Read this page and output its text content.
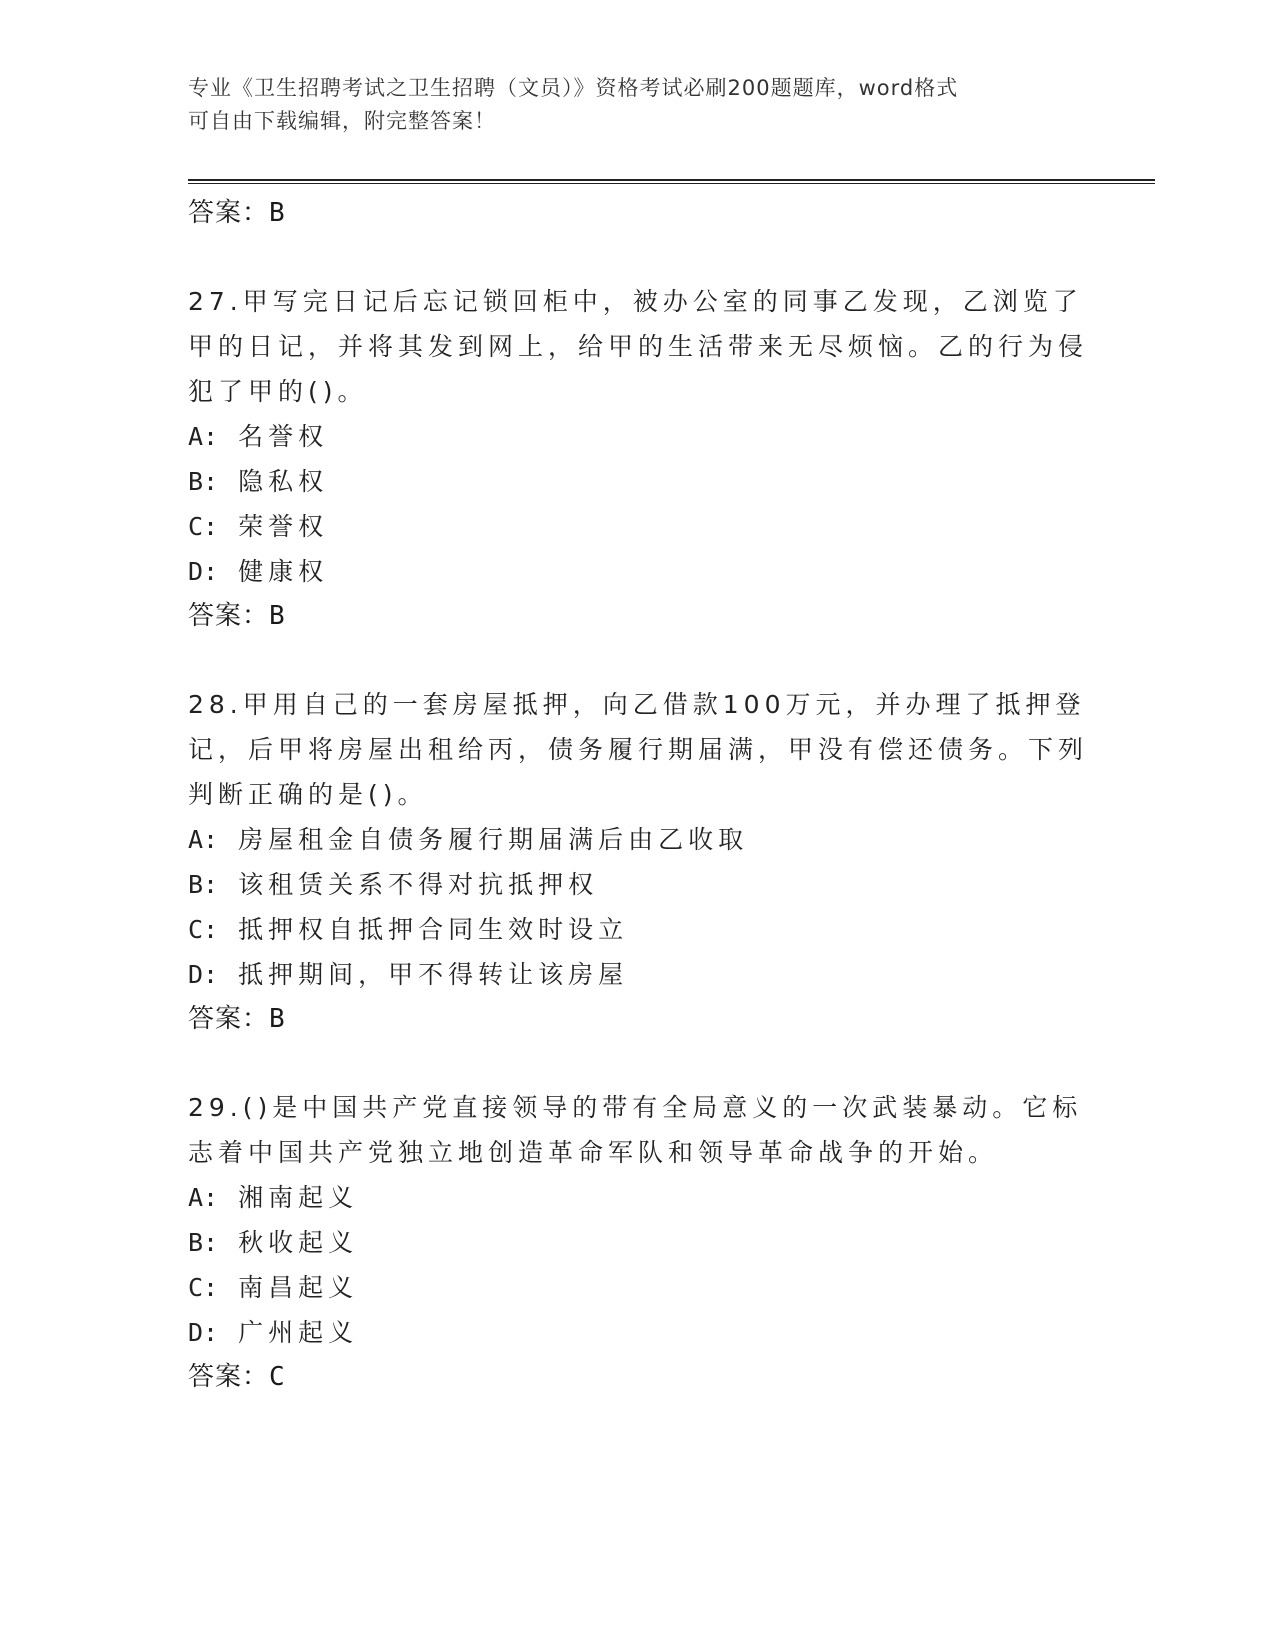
专业《卫生招聘考试之卫生招聘（文员）》资格考试必刷200题题库，word格式
可自由下载编辑，附完整答案！
答案：B
27.甲写完日记后忘记锁回柜中，被办公室的同事乙发现，乙浏览了甲的日记，并将其发到网上，给甲的生活带来无尽烦恼。乙的行为侵犯了甲的()。
A: 名誉权
B: 隐私权
C: 荣誉权
D: 健康权
答案：B
28.甲用自己的一套房屋抵押，向乙借款100万元，并办理了抵押登记，后甲将房屋出租给丙，债务履行期届满，甲没有偿还债务。下列判断正确的是()。
A: 房屋租金自债务履行期届满后由乙收取
B: 该租赁关系不得对抗抵押权
C: 抵押权自抵押合同生效时设立
D: 抵押期间，甲不得转让该房屋
答案：B
29.()是中国共产党直接领导的带有全局意义的一次武装暴动。它标志着中国共产党独立地创造革命军队和领导革命战争的开始。
A: 湘南起义
B: 秋收起义
C: 南昌起义
D: 广州起义
答案：C
